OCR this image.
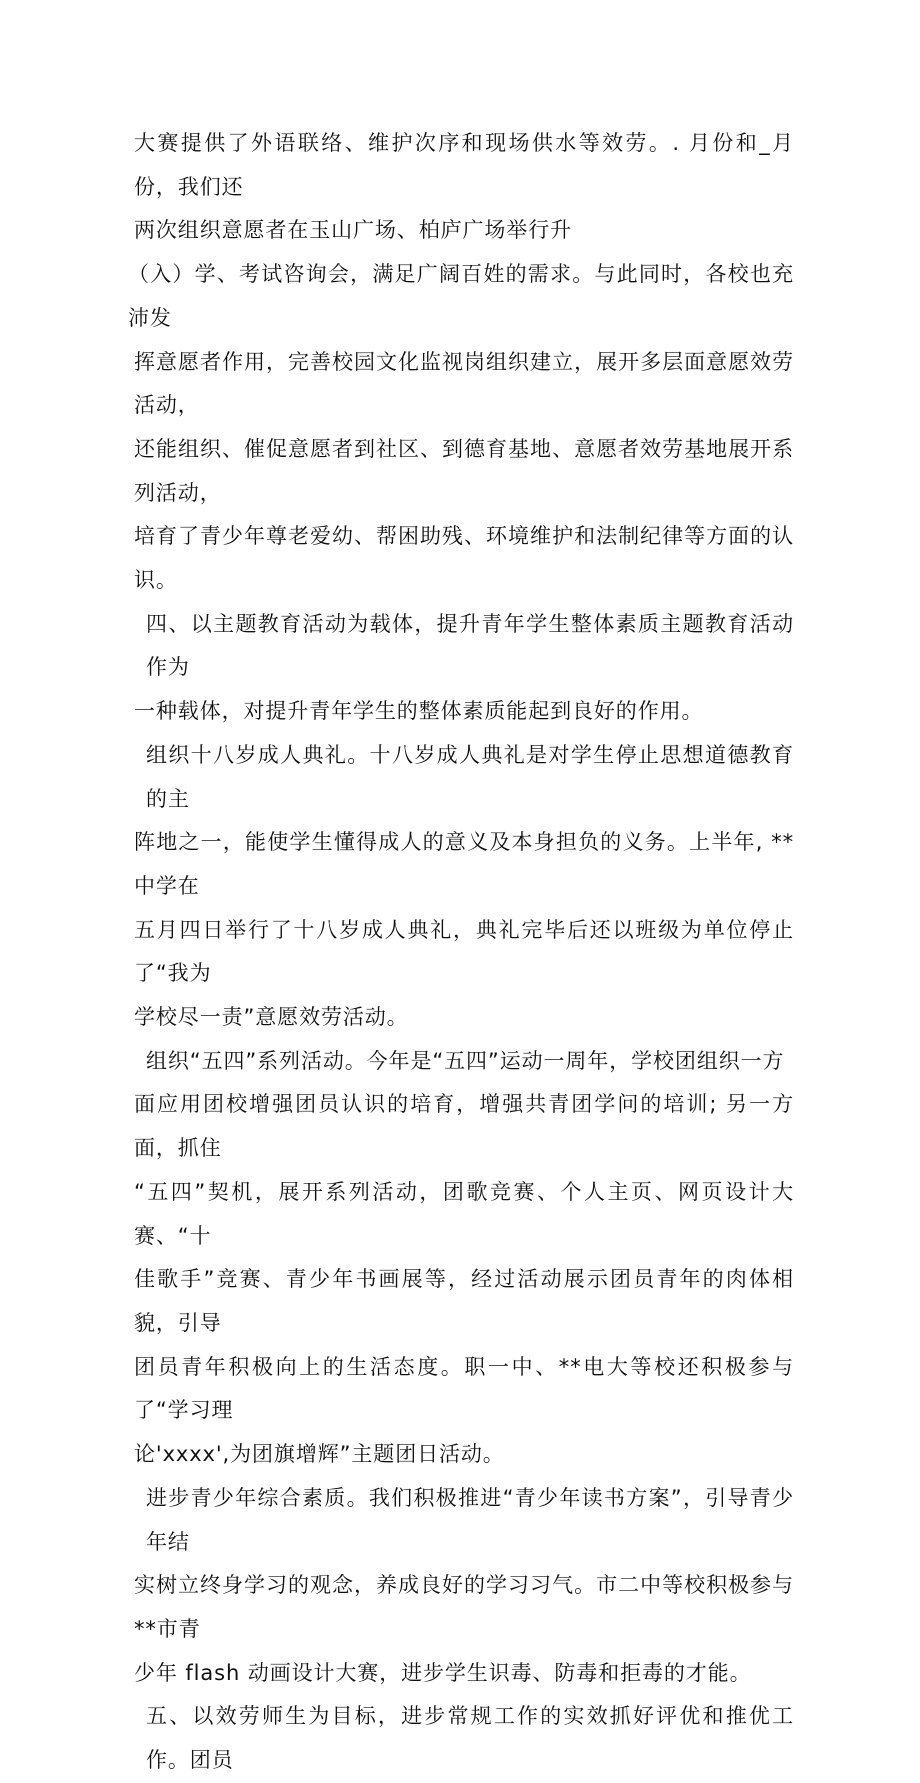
大赛提供了外语联络、维护次序和现场供水等效劳。. 月份和_月份，我们还
两次组织意愿者在玉山广场、柏庐广场举行升
（入）学、考试咨询会，满足广阔百姓的需求。与此同时，各校也充沛发
挥意愿者作用，完善校园文化监视岗组织建立，展开多层面意愿效劳活动，
还能组织、催促意愿者到社区、到德育基地、意愿者效劳基地展开系列活动，
培育了青少年尊老爱幼、帮困助残、环境维护和法制纪律等方面的认识。
四、以主题教育活动为载体，提升青年学生整体素质主题教育活动作为
一种载体，对提升青年学生的整体素质能起到良好的作用。
组织十八岁成人典礼。十八岁成人典礼是对学生停止思想道德教育的主
阵地之一，能使学生懂得成人的意义及本身担负的义务。上半年, **中学在
五月四日举行了十八岁成人典礼，典礼完毕后还以班级为单位停止了“我为
学校尽一责”意愿效劳活动。
组织“五四”系列活动。今年是“五四”运动一周年，学校团组织一方
面应用团校增强团员认识的培育，增强共青团学问的培训; 另一方面，抓住
“五四”契机，展开系列活动，团歌竞赛、个人主页、网页设计大赛、“十
佳歌手”竞赛、青少年书画展等，经过活动展示团员青年的肉体相貌，引导
团员青年积极向上的生活态度。职一中、**电大等校还积极参与了“学习理
论'xxxx',为团旗增辉”主题团日活动。
进步青少年综合素质。我们积极推进“青少年读书方案”，引导青少年结
实树立终身学习的观念，养成良好的学习习气。市二中等校积极参与**市青
少年 flash 动画设计大赛，进步学生识毒、防毒和拒毒的才能。
五、以效劳师生为目标，进步常规工作的实效抓好评优和推优工作。团员
